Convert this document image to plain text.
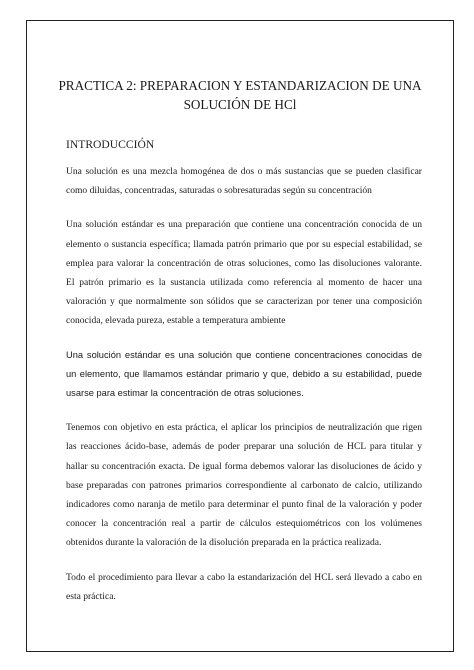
PRACTICA 2: PREPARACION Y ESTANDARIZACION DE UNA SOLUCIÓN DE HCl
INTRODUCCIÓN

Una solución es una mezcla homogénea de dos o más sustancias que se pueden clasificar como diluidas, concentradas, saturadas o sobresaturadas según su concentración

Una solución estándar es una preparación que contiene una concentración conocida de un elemento o sustancia específica; llamada patrón primario que por su especial estabilidad, se emplea para valorar la concentración de otras soluciones, como las disoluciones valorante. El patrón primario es la sustancia utilizada como referencia al momento de hacer una valoración y que normalmente son sólidos que se caracterizan por tener una composición conocida, elevada pureza, estable a temperatura ambiente

Una solución estándar es una solución que contiene concentraciones conocidas de un elemento, que llamamos estándar primario y que, debido a su estabilidad, puede usarse para estimar la concentración de otras soluciones.

Tenemos con objetivo en esta práctica, el aplicar los principios de neutralización que rigen las reacciones ácido-base, además de poder preparar una solución de HCL para titular y hallar su concentración exacta. De igual forma debemos valorar las disoluciones de ácido y base preparadas con patrones primarios correspondiente al carbonato de calcio, utilizando indicadores como naranja de metilo para determinar el punto final de la valoración y poder conocer la concentración real a partir de cálculos estequiométricos con los volúmenes obtenidos durante la valoración de la disolución preparada en la práctica realizada.

Todo el procedimiento para llevar a cabo la estandarización del HCL será llevado a cabo en esta práctica.
